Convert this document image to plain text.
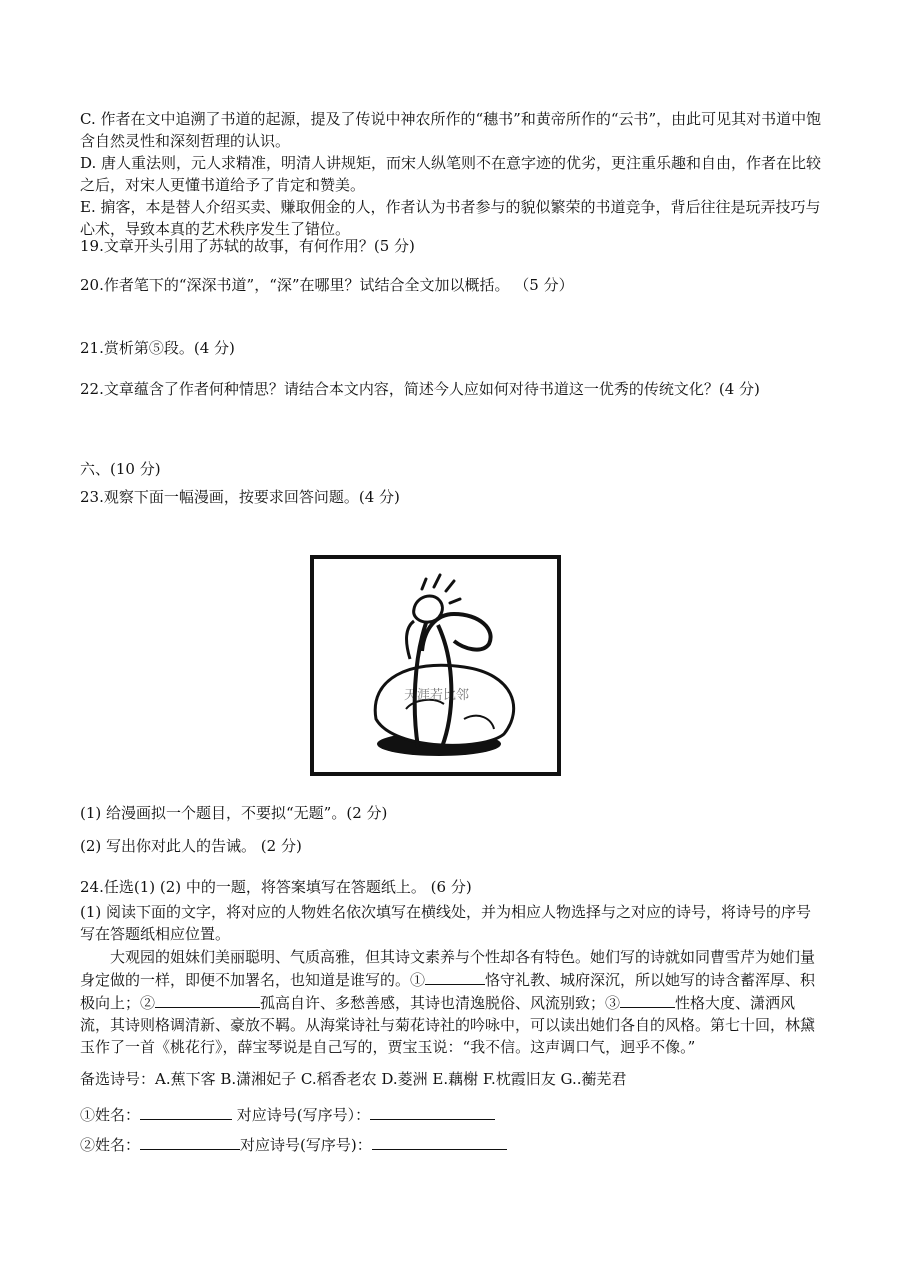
C. 作者在文中追溯了书道的起源，提及了传说中神农所作的“穗书”和黄帝所作的“云书”，由此可见其对书道中饱含自然灵性和深刻哲理的认识。

D. 唐人重法则，元人求精准，明清人讲规矩，而宋人纵笔则不在意字迹的优劣，更注重乐趣和自由，作者在比较之后，对宋人更懂书道给予了肯定和赞美。

E. 掮客，本是替人介绍买卖、赚取佣金的人，作者认为书者参与的貌似繁荣的书道竞争，背后往往是玩弄技巧与心术，导致本真的艺术秩序发生了错位。

19.文章开头引用了苏轼的故事，有何作用？(5 分)

20.作者笔下的“深深书道”，“深”在哪里？试结合全文加以概括。 （5 分）

21.赏析第⑤段。(4 分)

22.文章蕴含了作者何种情思？请结合本文内容，简述今人应如何对待书道这一优秀的传统文化？(4 分)

六、(10 分)

23.观察下面一幅漫画，按要求回答问题。(4 分)

天涯若比邻

(1) 给漫画拟一个题目，不要拟“无题”。(2 分)

(2) 写出你对此人的告诫。 (2 分)

24.任选(1) (2) 中的一题，将答案填写在答题纸上。 (6 分)

(1) 阅读下面的文字，将对应的人物姓名依次填写在横线处，并为相应人物选择与之对应的诗号，将诗号的序号写在答题纸相应位置。

大观园的姐妹们美丽聪明、气质高雅，但其诗文素养与个性却各有特色。她们写的诗就如同曹雪芹为她们量身定做的一样，即便不加署名，也知道是谁写的。①	恪守礼教、城府深沉，所以她写的诗含蓄浑厚、积极向上；②	孤高自许、多愁善感，其诗也清逸脱俗、风流别致；③	性格大度、潇洒风流，其诗则格调清新、豪放不羁。从海棠诗社与菊花诗社的吟咏中，可以读出她们各自的风格。第七十回，林黛玉作了一首《桃花行》，薛宝琴说是自己写的，贾宝玉说：“我不信。这声调口气，迥乎不像。”

备选诗号：A.蕉下客 B.潇湘妃子 C.稻香老农 D.菱洲 E.藕榭 F.枕霞旧友 G..蘅芜君

①姓名：	对应诗号(写序号）：

②姓名：	对应诗号(写序号)：
